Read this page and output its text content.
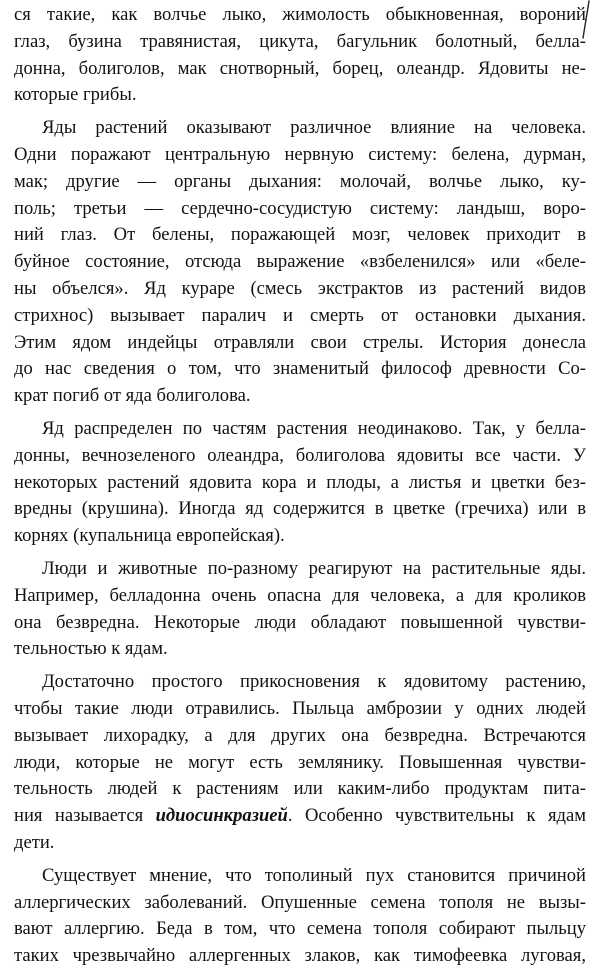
ся такие, как волчье лыко, жимолость обыкновенная, вороний
глаз, бузина травянистая, цикута, багульник болотный, белла-
донна, болиголов, мак снотворный, борец, олеандр. Ядовиты не-
которые грибы.
Яды растений оказывают различное влияние на человека.
Одни поражают центральную нервную систему: белена, дурман,
мак; другие — органы дыхания: молочай, волчье лыко, ку-
поль; третьи — сердечно-сосудистую систему: ландыш, воро-
ний глаз. От белены, поражающей мозг, человек приходит в
буйное состояние, отсюда выражение «взбеленился» или «беле-
ны объелся». Яд кураре (смесь экстрактов из растений видов
стрихнос) вызывает паралич и смерть от остановки дыхания.
Этим ядом индейцы отравляли свои стрелы. История донесла
до нас сведения о том, что знаменитый философ древности Со-
крат погиб от яда болиголова.
Яд распределен по частям растения неодинаково. Так, у белла-
донны, вечнозеленого олеандра, болиголова ядовиты все части. У
некоторых растений ядовита кора и плоды, а листья и цветки без-
вредны (крушина). Иногда яд содержится в цветке (гречиха) или в
корнях (купальница европейская).
Люди и животные по-разному реагируют на растительные яды.
Например, белладонна очень опасна для человека, а для кроликов
она безвредна. Некоторые люди обладают повышенной чувстви-
тельностью к ядам.
Достаточно простого прикосновения к ядовитому растению,
чтобы такие люди отравились. Пыльца амброзии у одних людей
вызывает лихорадку, а для других она безвредна. Встречаются
люди, которые не могут есть землянику. Повышенная чувстви-
тельность людей к растениям или каким-либо продуктам пита-
ния называется идиосинкразией. Особенно чувствительны к ядам
дети.
Существует мнение, что тополиный пух становится причиной
аллергических заболеваний. Опушенные семена тополя не вызы-
вают аллергию. Беда в том, что семена тополя собирают пыльцу
таких чрезвычайно аллергенных злаков, как тимофеевка луговая,
